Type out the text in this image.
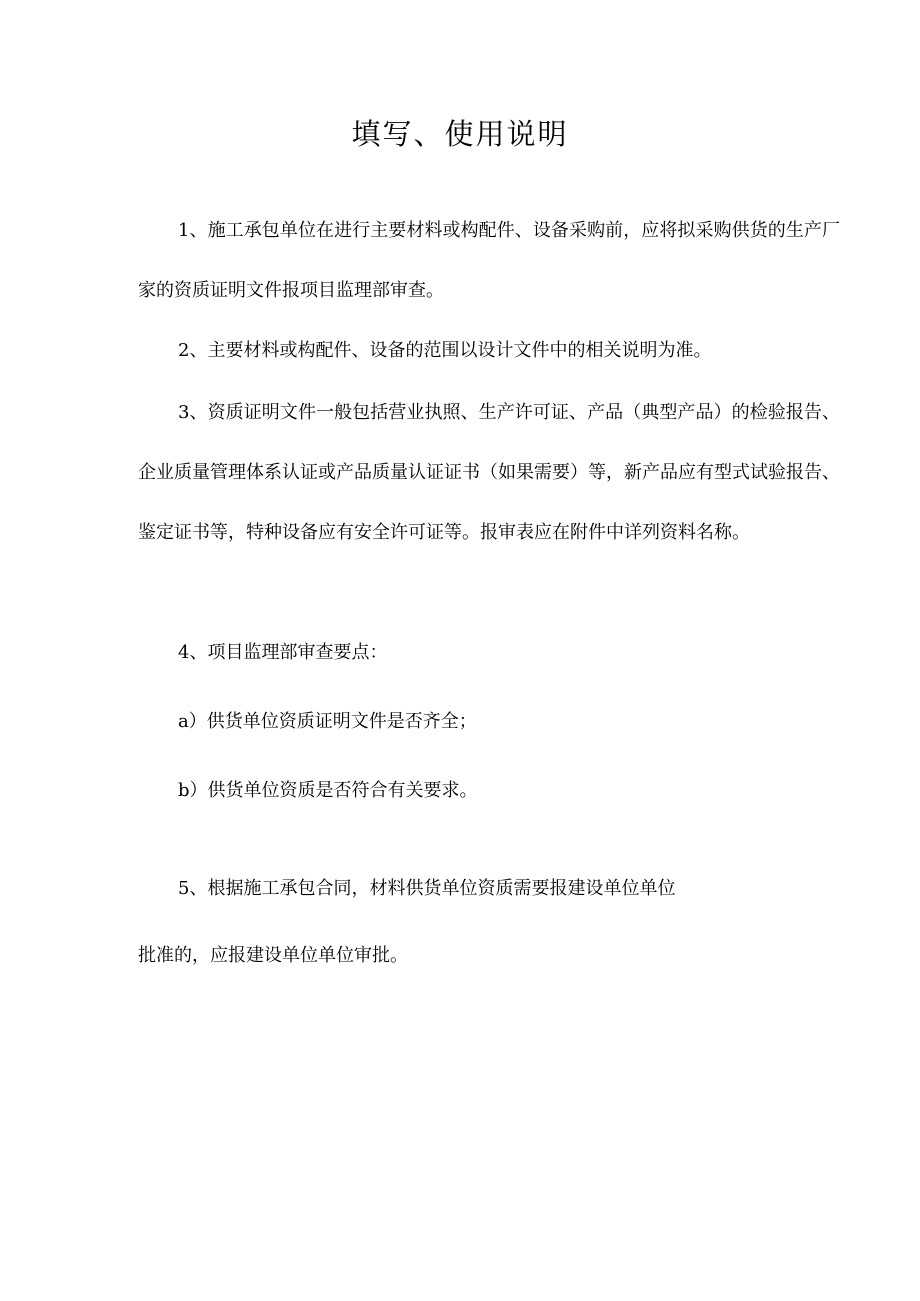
填写、使用说明

1、施工承包单位在进行主要材料或构配件、设备采购前，应将拟采购供货的生产厂家的资质证明文件报项目监理部审查。

2、主要材料或构配件、设备的范围以设计文件中的相关说明为准。

3、资质证明文件一般包括营业执照、生产许可证、产品（典型产品）的检验报告、企业质量管理体系认证或产品质量认证证书（如果需要）等，新产品应有型式试验报告、鉴定证书等，特种设备应有安全许可证等。报审表应在附件中详列资料名称。

4、项目监理部审查要点：

a）供货单位资质证明文件是否齐全；

b）供货单位资质是否符合有关要求。

5、根据施工承包合同，材料供货单位资质需要报建设单位单位

批准的，应报建设单位单位审批。
